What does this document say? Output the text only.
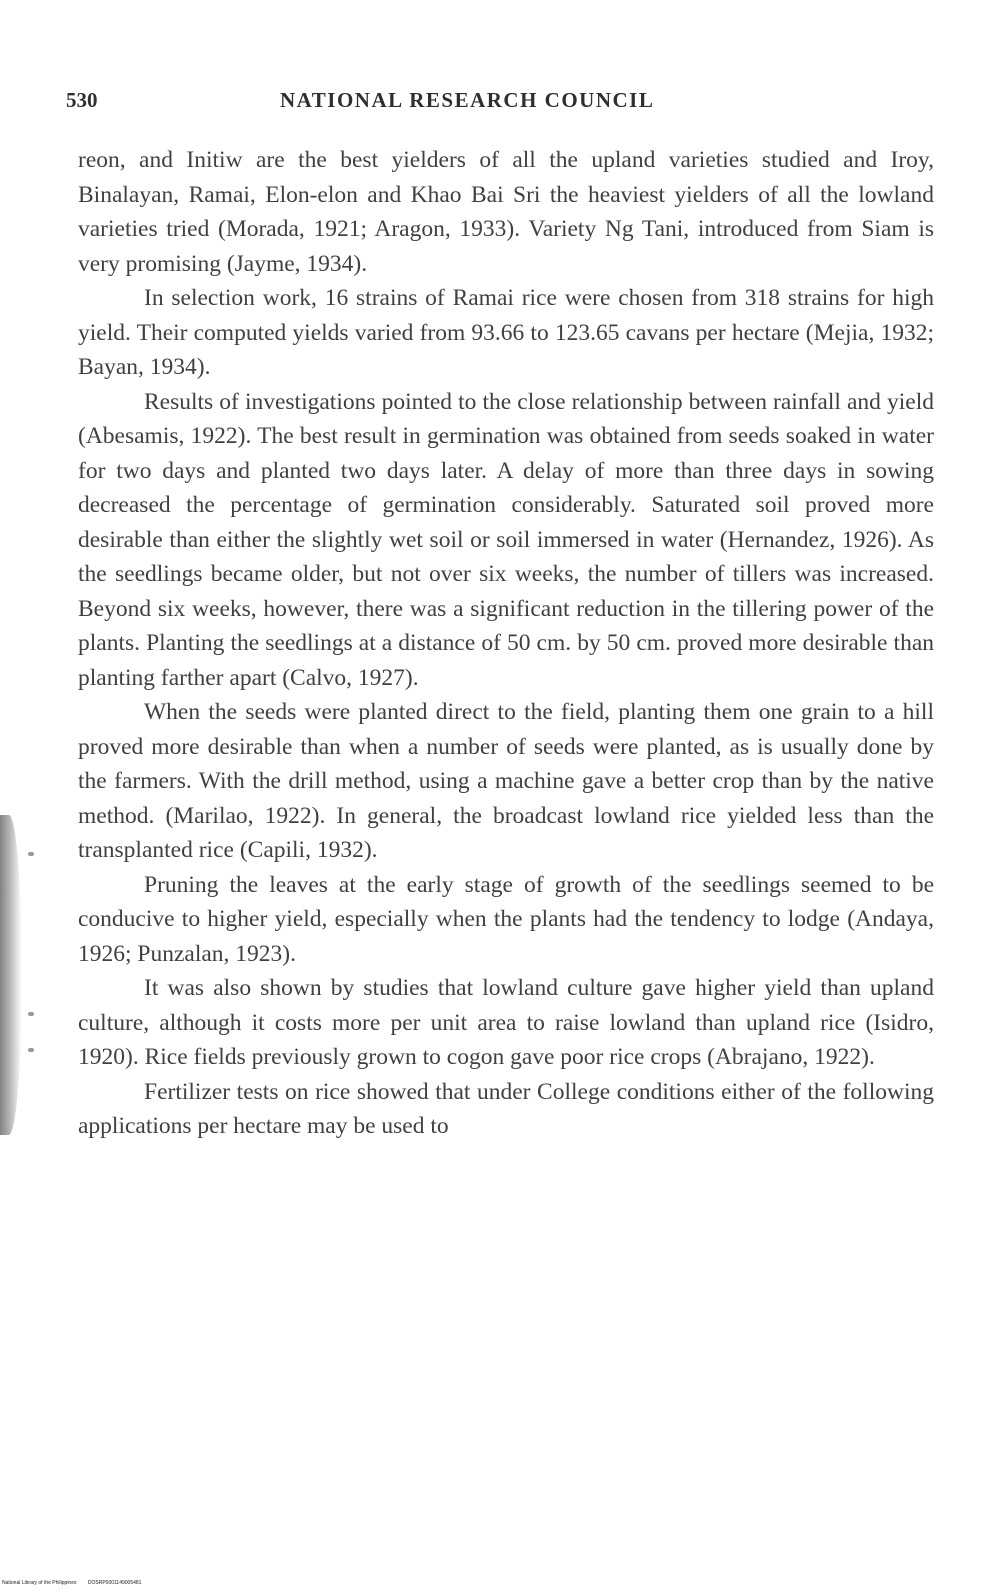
530	NATIONAL RESEARCH COUNCIL

reon, and Initiw are the best yielders of all the upland varieties studied and Iroy, Binalayan, Ramai, Elon-elon and Khao Bai Sri the heaviest yielders of all the lowland varieties tried (Morada, 1921; Aragon, 1933). Variety Ng Tani, introduced from Siam is very promising (Jayme, 1934).

In selection work, 16 strains of Ramai rice were chosen from 318 strains for high yield. Their computed yields varied from 93.66 to 123.65 cavans per hectare (Mejia, 1932; Bayan, 1934).

Results of investigations pointed to the close relationship between rainfall and yield (Abesamis, 1922). The best result in germination was obtained from seeds soaked in water for two days and planted two days later. A delay of more than three days in sowing decreased the percentage of germination considerably. Saturated soil proved more desirable than either the slightly wet soil or soil immersed in water (Hernandez, 1926). As the seedlings became older, but not over six weeks, the number of tillers was increased. Beyond six weeks, however, there was a significant reduction in the tillering power of the plants. Planting the seedlings at a distance of 50 cm. by 50 cm. proved more desirable than planting farther apart (Calvo, 1927).

When the seeds were planted direct to the field, planting them one grain to a hill proved more desirable than when a number of seeds were planted, as is usually done by the farmers. With the drill method, using a machine gave a better crop than by the native method. (Marilao, 1922). In general, the broadcast lowland rice yielded less than the transplanted rice (Capili, 1932).

Pruning the leaves at the early stage of growth of the seedlings seemed to be conducive to higher yield, especially when the plants had the tendency to lodge (Andaya, 1926; Punzalan, 1923).

It was also shown by studies that lowland culture gave higher yield than upland culture, although it costs more per unit area to raise lowland than upland rice (Isidro, 1920). Rice fields previously grown to cogon gave poor rice crops (Abrajano, 1922).

Fertilizer tests on rice showed that under College conditions either of the following applications per hectare may be used to

National Library of the Philippines DOSRP0001149005481
